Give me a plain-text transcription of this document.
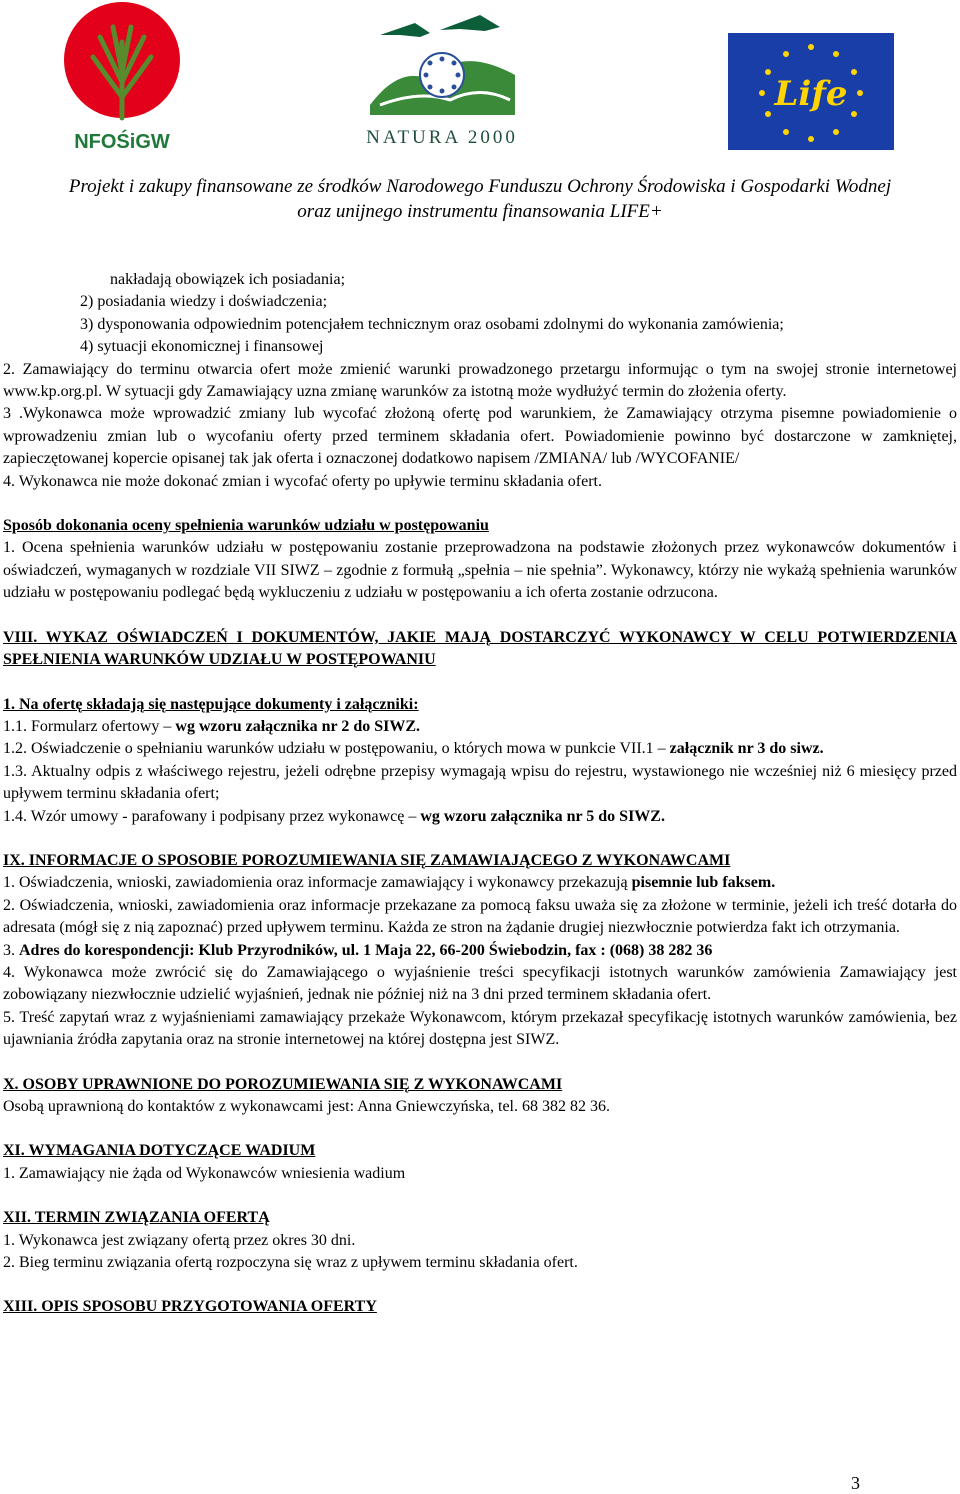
NFOŚiGW	NATURA 2000
Life
Projekt i zakupy finansowane ze środków Narodowego Funduszu Ochrony Środowiska i Gospodarki Wodnej
oraz unijnego instrumentu finansowania LIFE+

nakładają obowiązek ich posiadania;

2) posiadania wiedzy i doświadczenia;

3) dysponowania odpowiednim potencjałem technicznym oraz osobami zdolnymi do wykonania zamówienia;

4) sytuacji ekonomicznej i finansowej

2. Zamawiający do terminu otwarcia ofert może zmienić warunki prowadzonego przetargu informując o tym na swojej stronie internetowej www.kp.org.pl. W sytuacji gdy Zamawiający uzna zmianę warunków za istotną może wydłużyć termin do złożenia oferty.

3 .Wykonawca może wprowadzić zmiany lub wycofać złożoną ofertę pod warunkiem, że Zamawiający otrzyma pisemne powiadomienie o wprowadzeniu zmian lub o wycofaniu oferty przed terminem składania ofert. Powiadomienie powinno być dostarczone w zamkniętej, zapieczętowanej kopercie opisanej tak jak oferta i oznaczonej dodatkowo napisem /ZMIANA/ lub /WYCOFANIE/

4. Wykonawca nie może dokonać zmian i wycofać oferty po upływie terminu składania ofert.

Sposób dokonania oceny spełnienia warunków udziału w postępowaniu

1. Ocena spełnienia warunków udziału w postępowaniu zostanie przeprowadzona na podstawie złożonych przez wykonawców dokumentów i oświadczeń, wymaganych w rozdziale VII SIWZ – zgodnie z formułą „spełnia – nie spełnia”. Wykonawcy, którzy nie wykażą spełnienia warunków udziału w postępowaniu podlegać będą wykluczeniu z udziału w postępowaniu a ich oferta zostanie odrzucona.

VIII. WYKAZ OŚWIADCZEŃ I DOKUMENTÓW, JAKIE MAJĄ DOSTARCZYĆ WYKONAWCY W CELU POTWIERDZENIA SPEŁNIENIA WARUNKÓW UDZIAŁU W POSTĘPOWANIU

1. Na ofertę składają się następujące dokumenty i załączniki:

1.1. Formularz ofertowy – wg wzoru załącznika nr 2 do SIWZ.

1.2. Oświadczenie o spełnianiu warunków udziału w postępowaniu, o których mowa w punkcie VII.1 – załącznik nr 3 do siwz.

1.3. Aktualny odpis z właściwego rejestru, jeżeli odrębne przepisy wymagają wpisu do rejestru, wystawionego nie wcześniej niż 6 miesięcy przed upływem terminu składania ofert;

1.4. Wzór umowy - parafowany i podpisany przez wykonawcę – wg wzoru załącznika nr 5 do SIWZ.

IX. INFORMACJE O SPOSOBIE POROZUMIEWANIA SIĘ ZAMAWIAJĄCEGO Z WYKONAWCAMI

1. Oświadczenia, wnioski, zawiadomienia oraz informacje zamawiający i wykonawcy przekazują pisemnie lub faksem.

2. Oświadczenia, wnioski, zawiadomienia oraz informacje przekazane za pomocą faksu uważa się za złożone w terminie, jeżeli ich treść dotarła do adresata (mógł się z nią zapoznać) przed upływem terminu. Każda ze stron na żądanie drugiej niezwłocznie potwierdza fakt ich otrzymania.

3. Adres do korespondencji: Klub Przyrodników, ul. 1 Maja 22, 66-200 Świebodzin, fax : (068) 38 282 36

4. Wykonawca może zwrócić się do Zamawiającego o wyjaśnienie treści specyfikacji istotnych warunków zamówienia Zamawiający jest zobowiązany niezwłocznie udzielić wyjaśnień, jednak nie później niż na 3 dni przed terminem składania ofert.

5. Treść zapytań wraz z wyjaśnieniami zamawiający przekaże Wykonawcom, którym przekazał specyfikację istotnych warunków zamówienia, bez ujawniania źródła zapytania oraz na stronie internetowej na której dostępna jest SIWZ.

X. OSOBY UPRAWNIONE DO POROZUMIEWANIA SIĘ Z WYKONAWCAMI

Osobą uprawnioną do kontaktów z wykonawcami jest: Anna Gniewczyńska, tel. 68 382 82 36.

XI. WYMAGANIA DOTYCZĄCE WADIUM

1. Zamawiający nie żąda od Wykonawców wniesienia wadium

XII. TERMIN ZWIĄZANIA OFERTĄ

1. Wykonawca jest związany ofertą przez okres 30 dni.

2. Bieg terminu związania ofertą rozpoczyna się wraz z upływem terminu składania ofert.

XIII. OPIS SPOSOBU PRZYGOTOWANIA OFERTY

3
